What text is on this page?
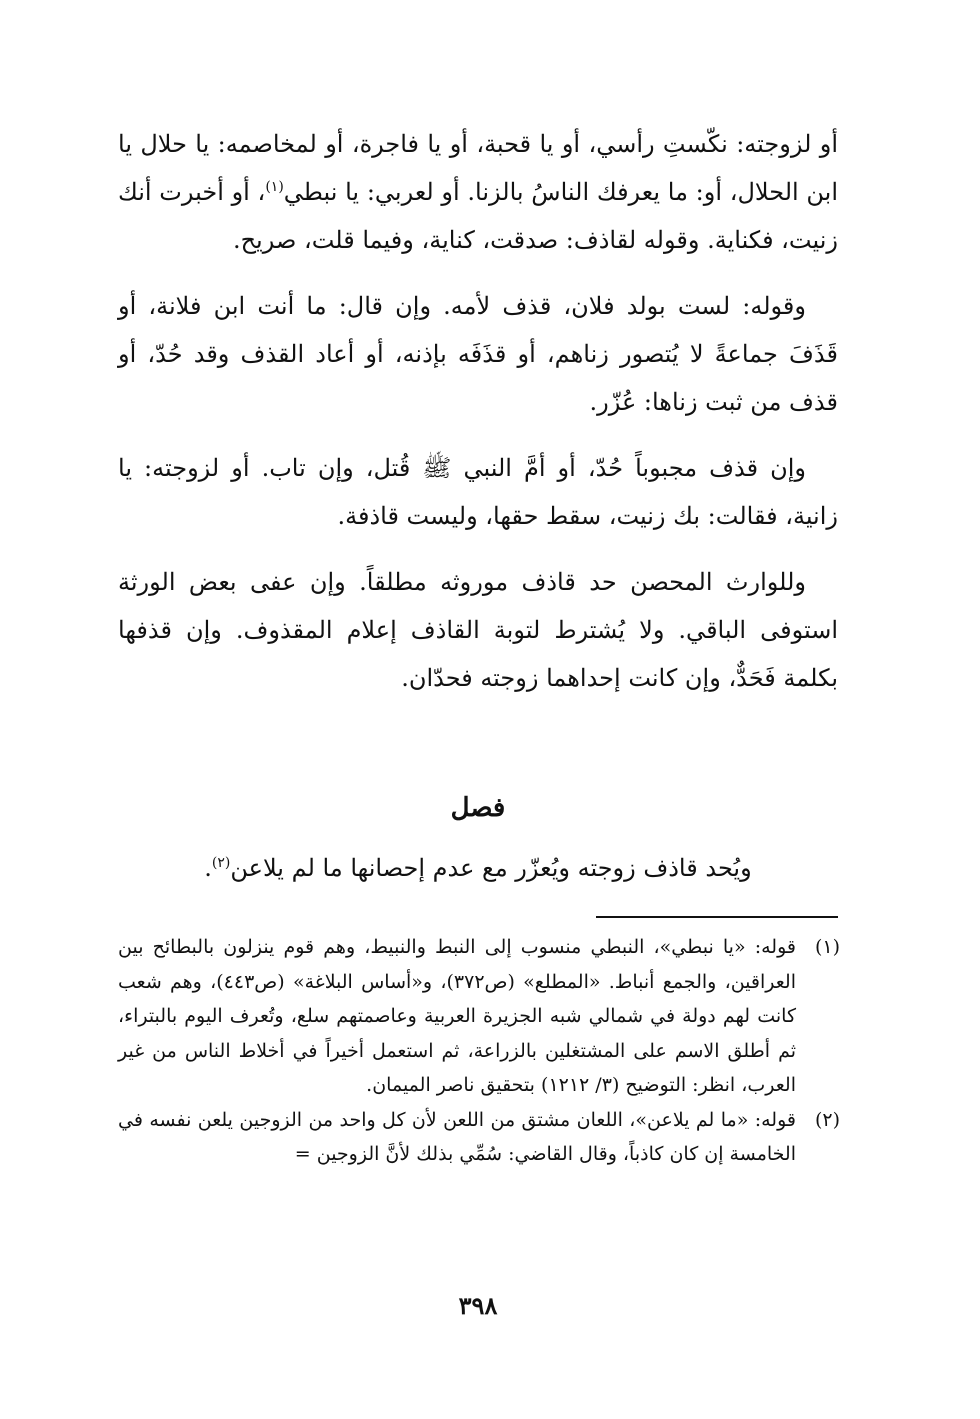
أو لزوجته: نكّستِ رأسي، أو يا قحبة، أو يا فاجرة، أو لمخاصمه: يا حلال يا ابن الحلال، أو: ما يعرفك الناسُ بالزنا. أو لعربي: يا نبطي$^{(١)}$، أو أخبرت أنك زنيت، فكناية. وقوله لقاذف: صدقت، كناية، وفيما قلت، صريح.

وقوله: لست بولد فلان، قذف لأمه. وإن قال: ما أنت ابن فلانة، أو قَذَفَ جماعةً لا يُتصور زناهم، أو قذَفَه بإذنه، أو أعاد القذف وقد حُدّ، أو قذف من ثبت زناها: عُزّر.

وإن قذف مجبوباً حُدّ، أو أمَّ النبي ﷺ قُتل، وإن تاب. أو لزوجته: يا زانية، فقالت: بك زنيت، سقط حقها، وليست قاذفة.

وللوارث المحصن حد قاذف موروثه مطلقاً. وإن عفى بعض الورثة استوفى الباقي. ولا يُشترط لتوبة القاذف إعلام المقذوف. وإن قذفها بكلمة فَحَدٌّ، وإن كانت إحداهما زوجته فحدّان.

فصل
ويُحد قاذف زوجته ويُعزّر مع عدم إحصانها ما لم يلاعن$^{(٢)}$.

(١)
قوله: «يا نبطي»، النبطي منسوب إلى النبط والنبيط، وهم قوم ينزلون بالبطائح بين العراقين، والجمع أنباط. «المطلع» (ص٣٧٢)، و«أساس البلاغة» (ص٤٤٣)، وهم شعب كانت لهم دولة في شمالي شبه الجزيرة العربية وعاصمتهم سلع، وتُعرف اليوم بالبتراء، ثم أطلق الاسم على المشتغلين بالزراعة، ثم استعمل أخيراً في أخلاط الناس من غير العرب، انظر: التوضيح (٣/ ١٢١٢) بتحقيق ناصر الميمان.

(٢)
قوله: «ما لم يلاعن»، اللعان مشتق من اللعن لأن كل واحد من الزوجين يلعن نفسه في الخامسة إن كان كاذباً، وقال القاضي: سُمِّي بذلك لأنَّ الزوجين =

٣٩٨
